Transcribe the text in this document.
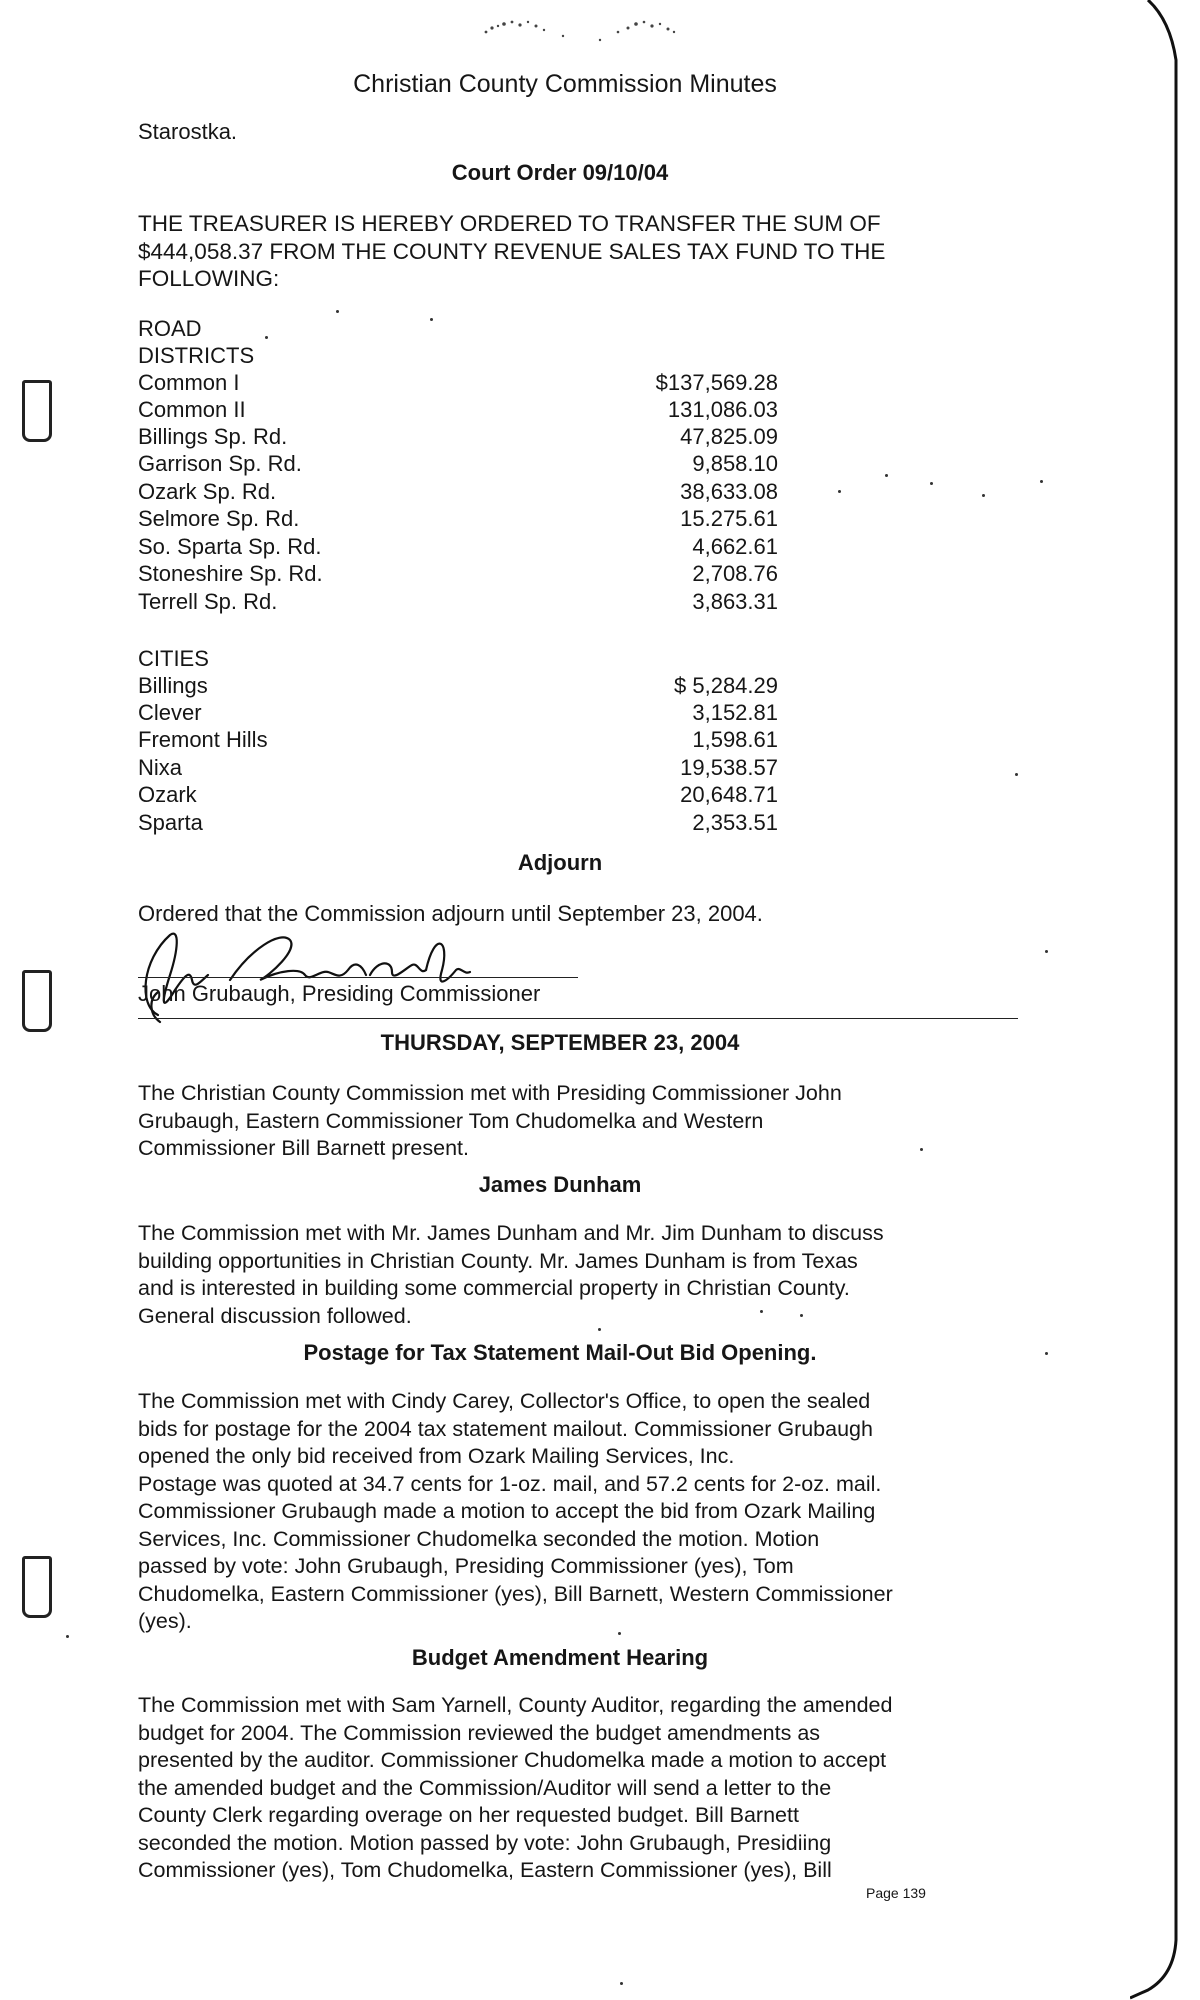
Christian County Commission Minutes
Starostka.
Court Order 09/10/04
THE TREASURER IS HEREBY ORDERED TO TRANSFER THE SUM OF
$444,058.37 FROM THE COUNTY REVENUE SALES TAX FUND TO THE
FOLLOWING:
ROAD
DISTRICTS
Common I	$137,569.28
Common II	131,086.03
Billings Sp. Rd.	47,825.09
Garrison Sp. Rd.	9,858.10
Ozark Sp. Rd.	38,633.08
Selmore Sp. Rd.	15.275.61
So. Sparta Sp. Rd.	4,662.61
Stoneshire Sp. Rd.	2,708.76
Terrell Sp. Rd.	3,863.31
CITIES
Billings	$ 5,284.29
Clever	3,152.81
Fremont Hills	1,598.61
Nixa	19,538.57
Ozark	20,648.71
Sparta	2,353.51
Adjourn
Ordered that the Commission adjourn until September 23, 2004.
John Grubaugh, Presiding Commissioner
THURSDAY, SEPTEMBER 23, 2004
The Christian County Commission met with Presiding Commissioner John
Grubaugh, Eastern Commissioner Tom Chudomelka and Western
Commissioner Bill Barnett present.
James Dunham
The Commission met with Mr. James Dunham and Mr. Jim Dunham to discuss
building opportunities in Christian County. Mr. James Dunham is from Texas
and is interested in building some commercial property in Christian County.
General discussion followed.
Postage for Tax Statement Mail-Out Bid Opening.
The Commission met with Cindy Carey, Collector's Office, to open the sealed
bids for postage for the 2004 tax statement mailout. Commissioner Grubaugh
opened the only bid received from Ozark Mailing Services, Inc.
Postage was quoted at 34.7 cents for 1-oz. mail, and 57.2 cents for 2-oz. mail.
Commissioner Grubaugh made a motion to accept the bid from Ozark Mailing
Services, Inc. Commissioner Chudomelka seconded the motion. Motion
passed by vote: John Grubaugh, Presiding Commissioner (yes), Tom
Chudomelka, Eastern Commissioner (yes), Bill Barnett, Western Commissioner
(yes).
Budget Amendment Hearing
The Commission met with Sam Yarnell, County Auditor, regarding the amended
budget for 2004. The Commission reviewed the budget amendments as
presented by the auditor. Commissioner Chudomelka made a motion to accept
the amended budget and the Commission/Auditor will send a letter to the
County Clerk regarding overage on her requested budget. Bill Barnett
seconded the motion. Motion passed by vote: John Grubaugh, Presidiing
Commissioner (yes), Tom Chudomelka, Eastern Commissioner (yes), Bill
Page 139
